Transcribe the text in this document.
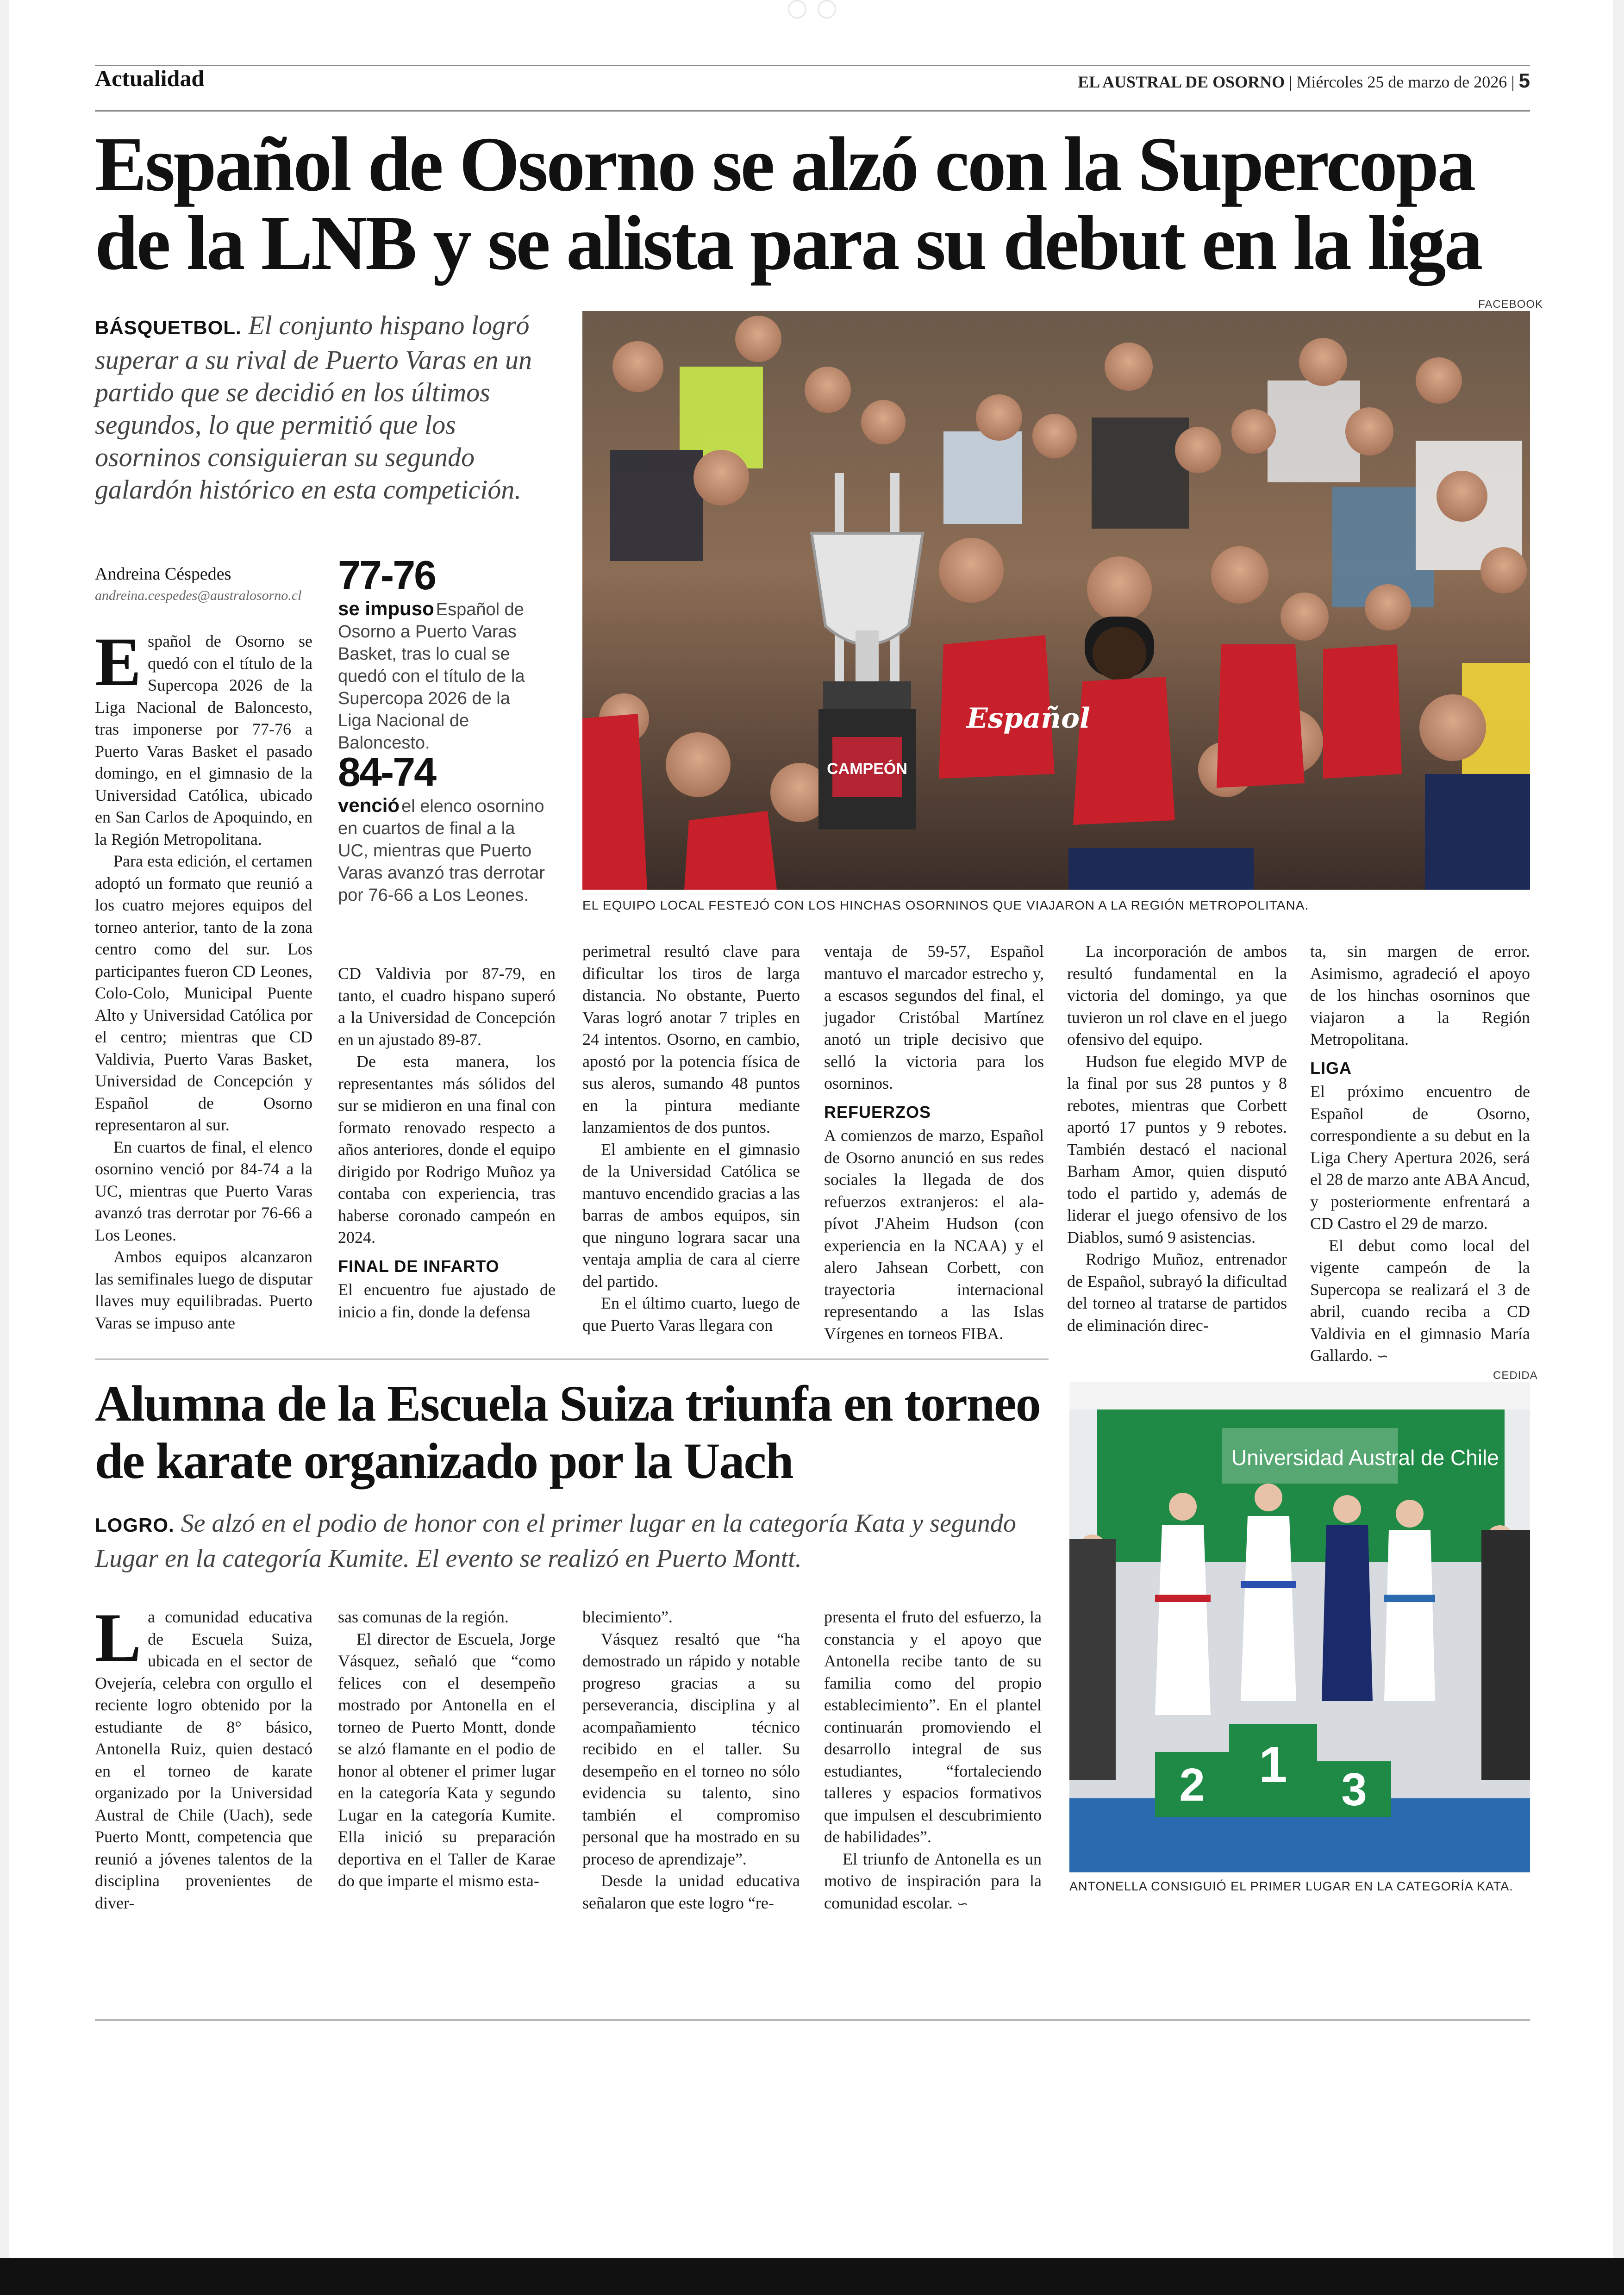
Actualidad	EL AUSTRAL DE OSORNO | Miércoles 25 de marzo de 2026 | 5
Español de Osorno se alzó con la Supercopa de la LNB y se alista para su debut en la liga
BÁSQUETBOL. El conjunto hispano logró superar a su rival de Puerto Varas en un partido que se decidió en los últimos segundos, lo que permitió que los osorninos consiguieran su segundo galardón histórico en esta competición.
Andreina Céspedes
andreina.cespedes@australosorno.cl 77-76
se impuso Español de Osorno a Puerto Varas Basket, tras lo cual se quedó con el título de la Supercopa 2026 de la Liga Nacional de Baloncesto.
84-74
venció el elenco osornino en cuartos de final a la UC, mientras que Puerto Varas avanzó tras derrotar por 76-66 a Los Leones.
FACEBOOK
Español
CAMPEÓN
EL EQUIPO LOCAL FESTEJÓ CON LOS HINCHAS OSORNINOS QUE VIAJARON A LA REGIÓN METROPOLITANA.
E spañol de Osorno se quedó con el título de la Supercopa 2026 de la Liga Nacional de Baloncesto, tras imponerse por 77-76 a Puerto Varas Basket el pasado domingo, en el gimnasio de la Universidad Católica, ubicado en San Carlos de Apoquindo, en la Región Metropolitana.

Para esta edición, el certamen adoptó un formato que reunió a los cuatro mejores equipos del torneo anterior, tanto de la zona centro como del sur. Los participantes fueron CD Leones, Colo-Colo, Municipal Puente Alto y Universidad Católica por el centro; mientras que CD Valdivia, Puerto Varas Basket, Universidad de Concepción y Español de Osorno representaron al sur.

En cuartos de final, el elenco osornino venció por 84-74 a la UC, mientras que Puerto Varas avanzó tras derrotar por 76-66 a Los Leones.

Ambos equipos alcanzaron las semifinales luego de disputar llaves muy equilibradas. Puerto Varas se impuso ante

CD Valdivia por 87-79, en tanto, el cuadro hispano superó a la Universidad de Concepción en un ajustado 89-87.

De esta manera, los representantes más sólidos del sur se midieron en una final con formato renovado respecto a años anteriores, donde el equipo dirigido por Rodrigo Muñoz ya contaba con experiencia, tras haberse coronado campeón en 2024.

FINAL DE INFARTO

El encuentro fue ajustado de inicio a fin, donde la defensa

perimetral resultó clave para dificultar los tiros de larga distancia. No obstante, Puerto Varas logró anotar 7 triples en 24 intentos. Osorno, en cambio, apostó por la potencia física de sus aleros, sumando 48 puntos en la pintura mediante lanzamientos de dos puntos.

El ambiente en el gimnasio de la Universidad Católica se mantuvo encendido gracias a las barras de ambos equipos, sin que ninguno lograra sacar una ventaja amplia de cara al cierre del partido.

En el último cuarto, luego de que Puerto Varas llegara con

ventaja de 59-57, Español mantuvo el marcador estrecho y, a escasos segundos del final, el jugador Cristóbal Martínez anotó un triple decisivo que selló la victoria para los osorninos.

REFUERZOS

A comienzos de marzo, Español de Osorno anunció en sus redes sociales la llegada de dos refuerzos extranjeros: el ala-pívot J'Aheim Hudson (con experiencia en la NCAA) y el alero Jahsean Corbett, con trayectoria internacional representando a las Islas Vírgenes en torneos FIBA.

La incorporación de ambos resultó fundamental en la victoria del domingo, ya que tuvieron un rol clave en el juego ofensivo del equipo.

Hudson fue elegido MVP de la final por sus 28 puntos y 8 rebotes, mientras que Corbett aportó 17 puntos y 9 rebotes. También destacó el nacional Barham Amor, quien disputó todo el partido y, además de liderar el juego ofensivo de los Diablos, sumó 9 asistencias.

Rodrigo Muñoz, entrenador de Español, subrayó la dificultad del torneo al tratarse de partidos de eliminación direc-

ta, sin margen de error. Asimismo, agradeció el apoyo de los hinchas osorninos que viajaron a la Región Metropolitana.

LIGA

El próximo encuentro de Español de Osorno, correspondiente a su debut en la Liga Chery Apertura 2026, será el 28 de marzo ante ABA Ancud, y posteriormente enfrentará a CD Castro el 29 de marzo.

El debut como local del vigente campeón de la Supercopa se realizará el 3 de abril, cuando reciba a CD Valdivia en el gimnasio María Gallardo. ∽

Alumna de la Escuela Suiza triunfa en torneo de karate organizado por la Uach
LOGRO. Se alzó en el podio de honor con el primer lugar en la categoría Kata y segundo Lugar en la categoría Kumite. El evento se realizó en Puerto Montt.
CEDIDA
Universidad Austral de Chile
2 1 3
ANTONELLA CONSIGUIÓ EL PRIMER LUGAR EN LA CATEGORÍA KATA.
L a comunidad educativa de Escuela Suiza, ubicada en el sector de Ovejería, celebra con orgullo el reciente logro obtenido por la estudiante de 8° básico, Antonella Ruiz, quien destacó en el torneo de karate organizado por la Universidad Austral de Chile (Uach), sede Puerto Montt, competencia que reunió a jóvenes talentos de la disciplina provenientes de diver-

sas comunas de la región.

El director de Escuela, Jorge Vásquez, señaló que “como felices con el desempeño mostrado por Antonella en el torneo de Puerto Montt, donde se alzó flamante en el podio de honor al obtener el primer lugar en la categoría Kata y segundo Lugar en la categoría Kumite. Ella inició su preparación deportiva en el Taller de Karae do que imparte el mismo esta-

blecimiento”.

Vásquez resaltó que “ha demostrado un rápido y notable progreso gracias a su perseverancia, disciplina y al acompañamiento técnico recibido en el taller. Su desempeño en el torneo no sólo evidencia su talento, sino también el compromiso personal que ha mostrado en su proceso de aprendizaje”.

Desde la unidad educativa señalaron que este logro “re-

presenta el fruto del esfuerzo, la constancia y el apoyo que Antonella recibe tanto de su familia como del propio establecimiento”. En el plantel continuarán promoviendo el desarrollo integral de sus estudiantes, “fortaleciendo talleres y espacios formativos que impulsen el descubrimiento de habilidades”.

El triunfo de Antonella es un motivo de inspiración para la comunidad escolar. ∽
